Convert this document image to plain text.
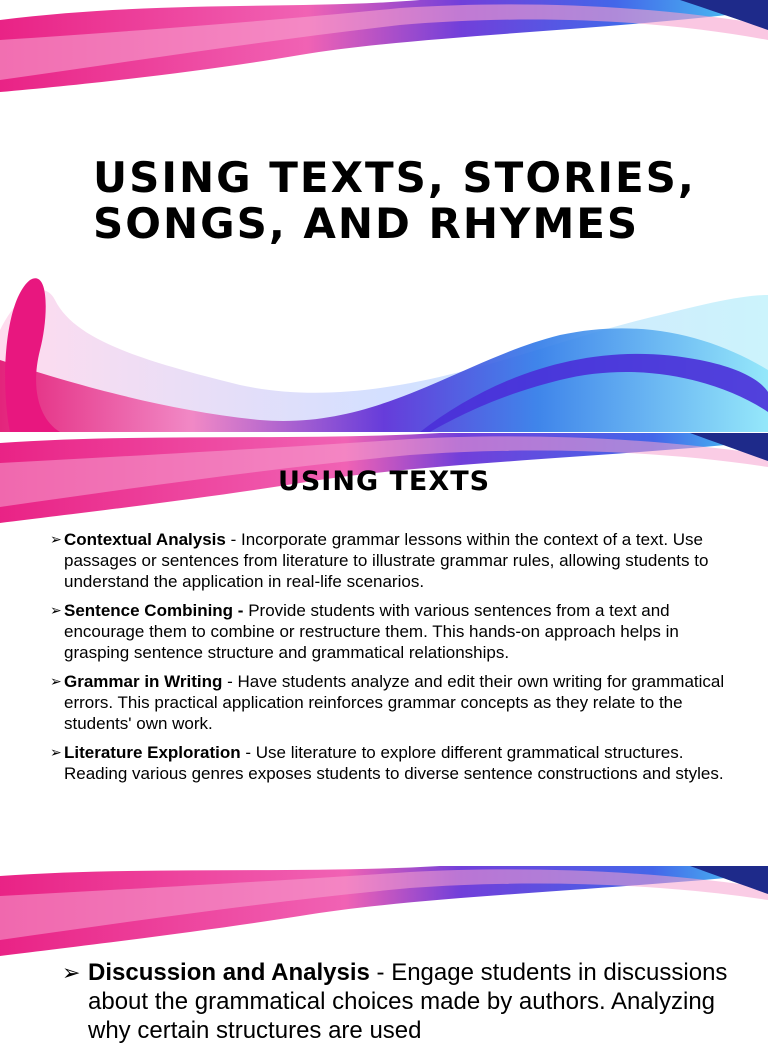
USING TEXTS, STORIES,
SONGS, AND RHYMES
USING TEXTS
➢ Contextual Analysis - Incorporate grammar lessons within the context of a text. Use passages or sentences from literature to illustrate grammar rules, allowing students to understand the application in real-life scenarios.
➢ Sentence Combining - Provide students with various sentences from a text and encourage them to combine or restructure them. This hands-on approach helps in grasping sentence structure and grammatical relationships.
➢ Grammar in Writing - Have students analyze and edit their own writing for grammatical errors. This practical application reinforces grammar concepts as they relate to the students' own work.
➢ Literature Exploration - Use literature to explore different grammatical structures. Reading various genres exposes students to diverse sentence constructions and styles.
➢ Discussion and Analysis - Engage students in discussions about the grammatical choices made by authors. Analyzing why certain structures are used
